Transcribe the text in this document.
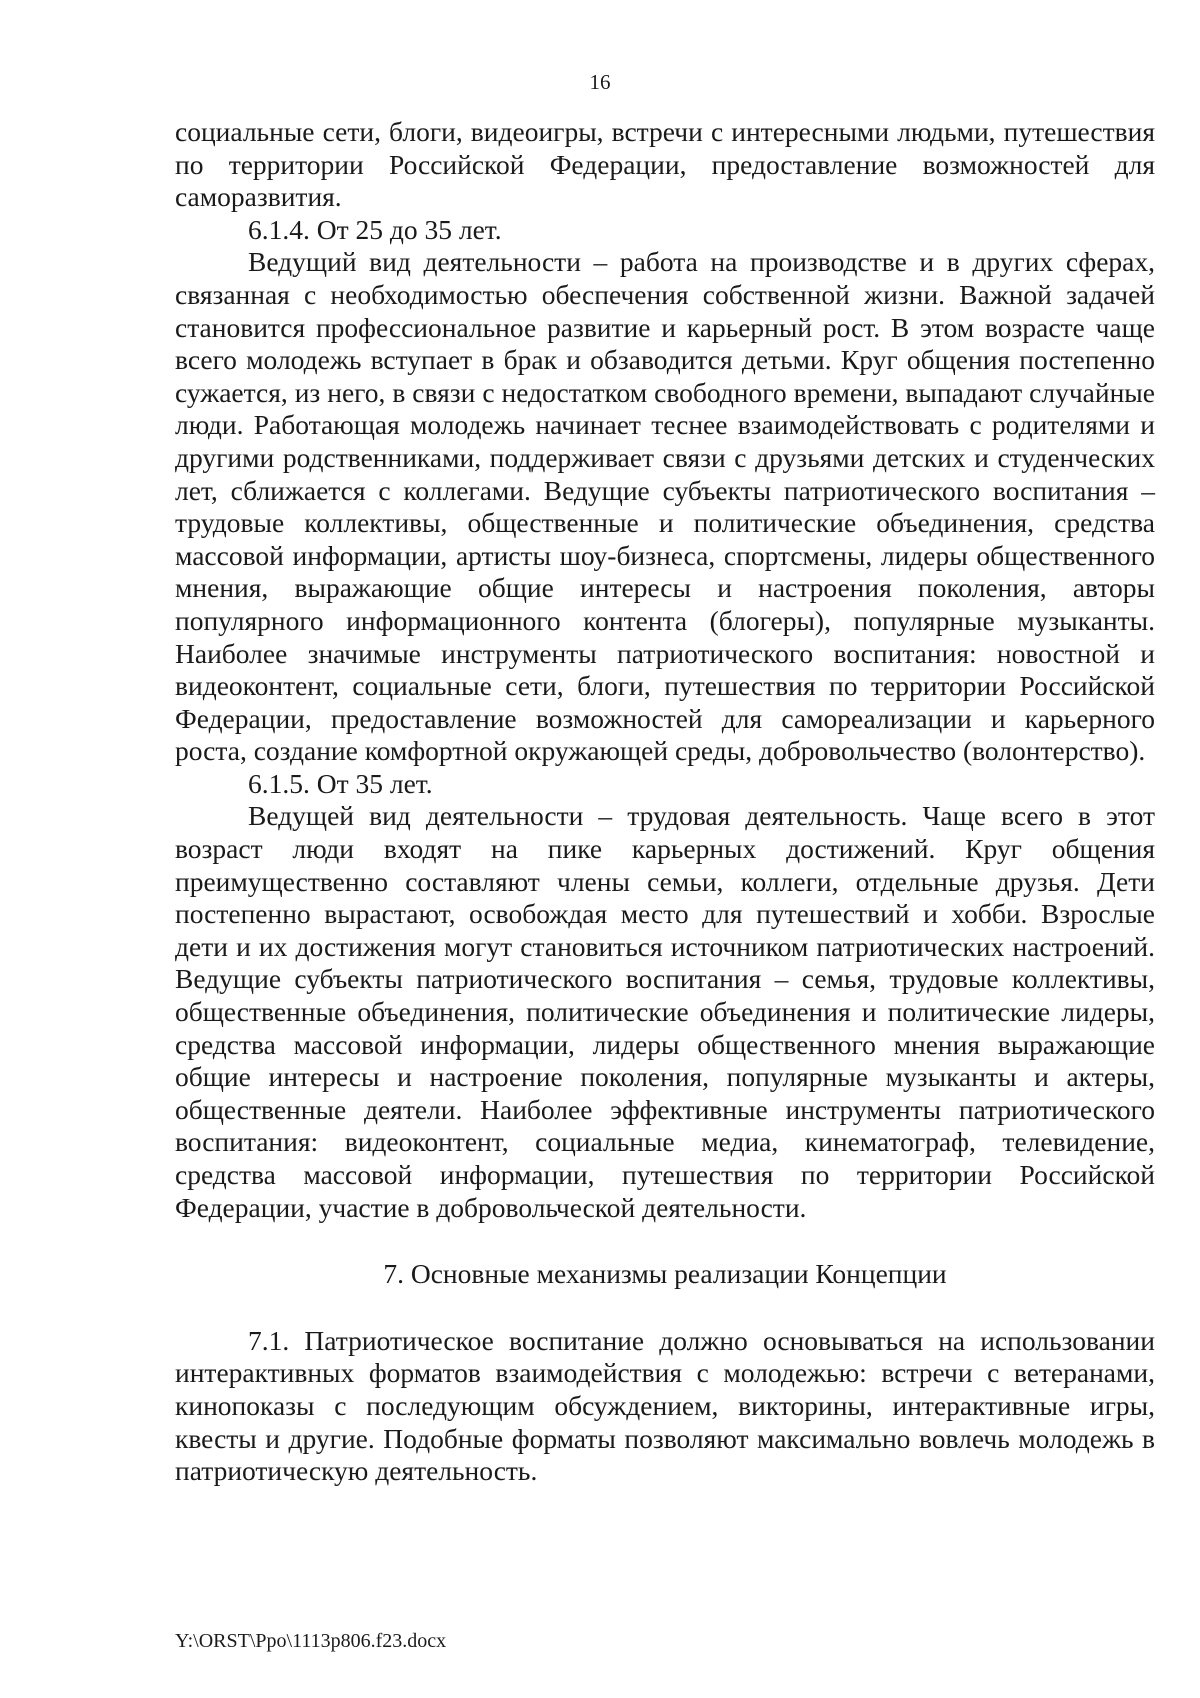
16

социальные сети, блоги, видеоигры, встречи с интересными людьми, путешествия по территории Российской Федерации, предоставление возможностей для саморазвития.

6.1.4. От 25 до 35 лет.

Ведущий вид деятельности – работа на производстве и в других сферах, связанная с необходимостью обеспечения собственной жизни. Важной задачей становится профессиональное развитие и карьерный рост. В этом возрасте чаще всего молодежь вступает в брак и обзаводится детьми. Круг общения постепенно сужается, из него, в связи с недостатком свободного времени, выпадают случайные люди. Работающая молодежь начинает теснее взаимодействовать с родителями и другими родственниками, поддерживает связи с друзьями детских и студенческих лет, сближается с коллегами. Ведущие субъекты патриотического воспитания – трудовые коллективы, общественные и политические объединения, средства массовой информации, артисты шоу-бизнеса, спортсмены, лидеры общественного мнения, выражающие общие интересы и настроения поколения, авторы популярного информационного контента (блогеры), популярные музыканты. Наиболее значимые инструменты патриотического воспитания: новостной и видеоконтент, социальные сети, блоги, путешествия по территории Российской Федерации, предоставление возможностей для самореализации и карьерного роста, создание комфортной окружающей среды, добровольчество (волонтерство).

6.1.5. От 35 лет.

Ведущей вид деятельности – трудовая деятельность. Чаще всего в этот возраст люди входят на пике карьерных достижений. Круг общения преимущественно составляют члены семьи, коллеги, отдельные друзья. Дети постепенно вырастают, освобождая место для путешествий и хобби. Взрослые дети и их достижения могут становиться источником патриотических настроений. Ведущие субъекты патриотического воспитания – семья, трудовые коллективы, общественные объединения, политические объединения и политические лидеры, средства массовой информации, лидеры общественного мнения выражающие общие интересы и настроение поколения, популярные музыканты и актеры, общественные деятели. Наиболее эффективные инструменты патриотического воспитания: видеоконтент, социальные медиа, кинематограф, телевидение, средства массовой информации, путешествия по территории Российской Федерации, участие в добровольческой деятельности.

7. Основные механизмы реализации Концепции

7.1. Патриотическое воспитание должно основываться на использовании интерактивных форматов взаимодействия с молодежью: встречи с ветеранами, кинопоказы с последующим обсуждением, викторины, интерактивные игры, квесты и другие. Подобные форматы позволяют максимально вовлечь молодежь в патриотическую деятельность.

Y:\ORST\Ppo\1113p806.f23.docx
